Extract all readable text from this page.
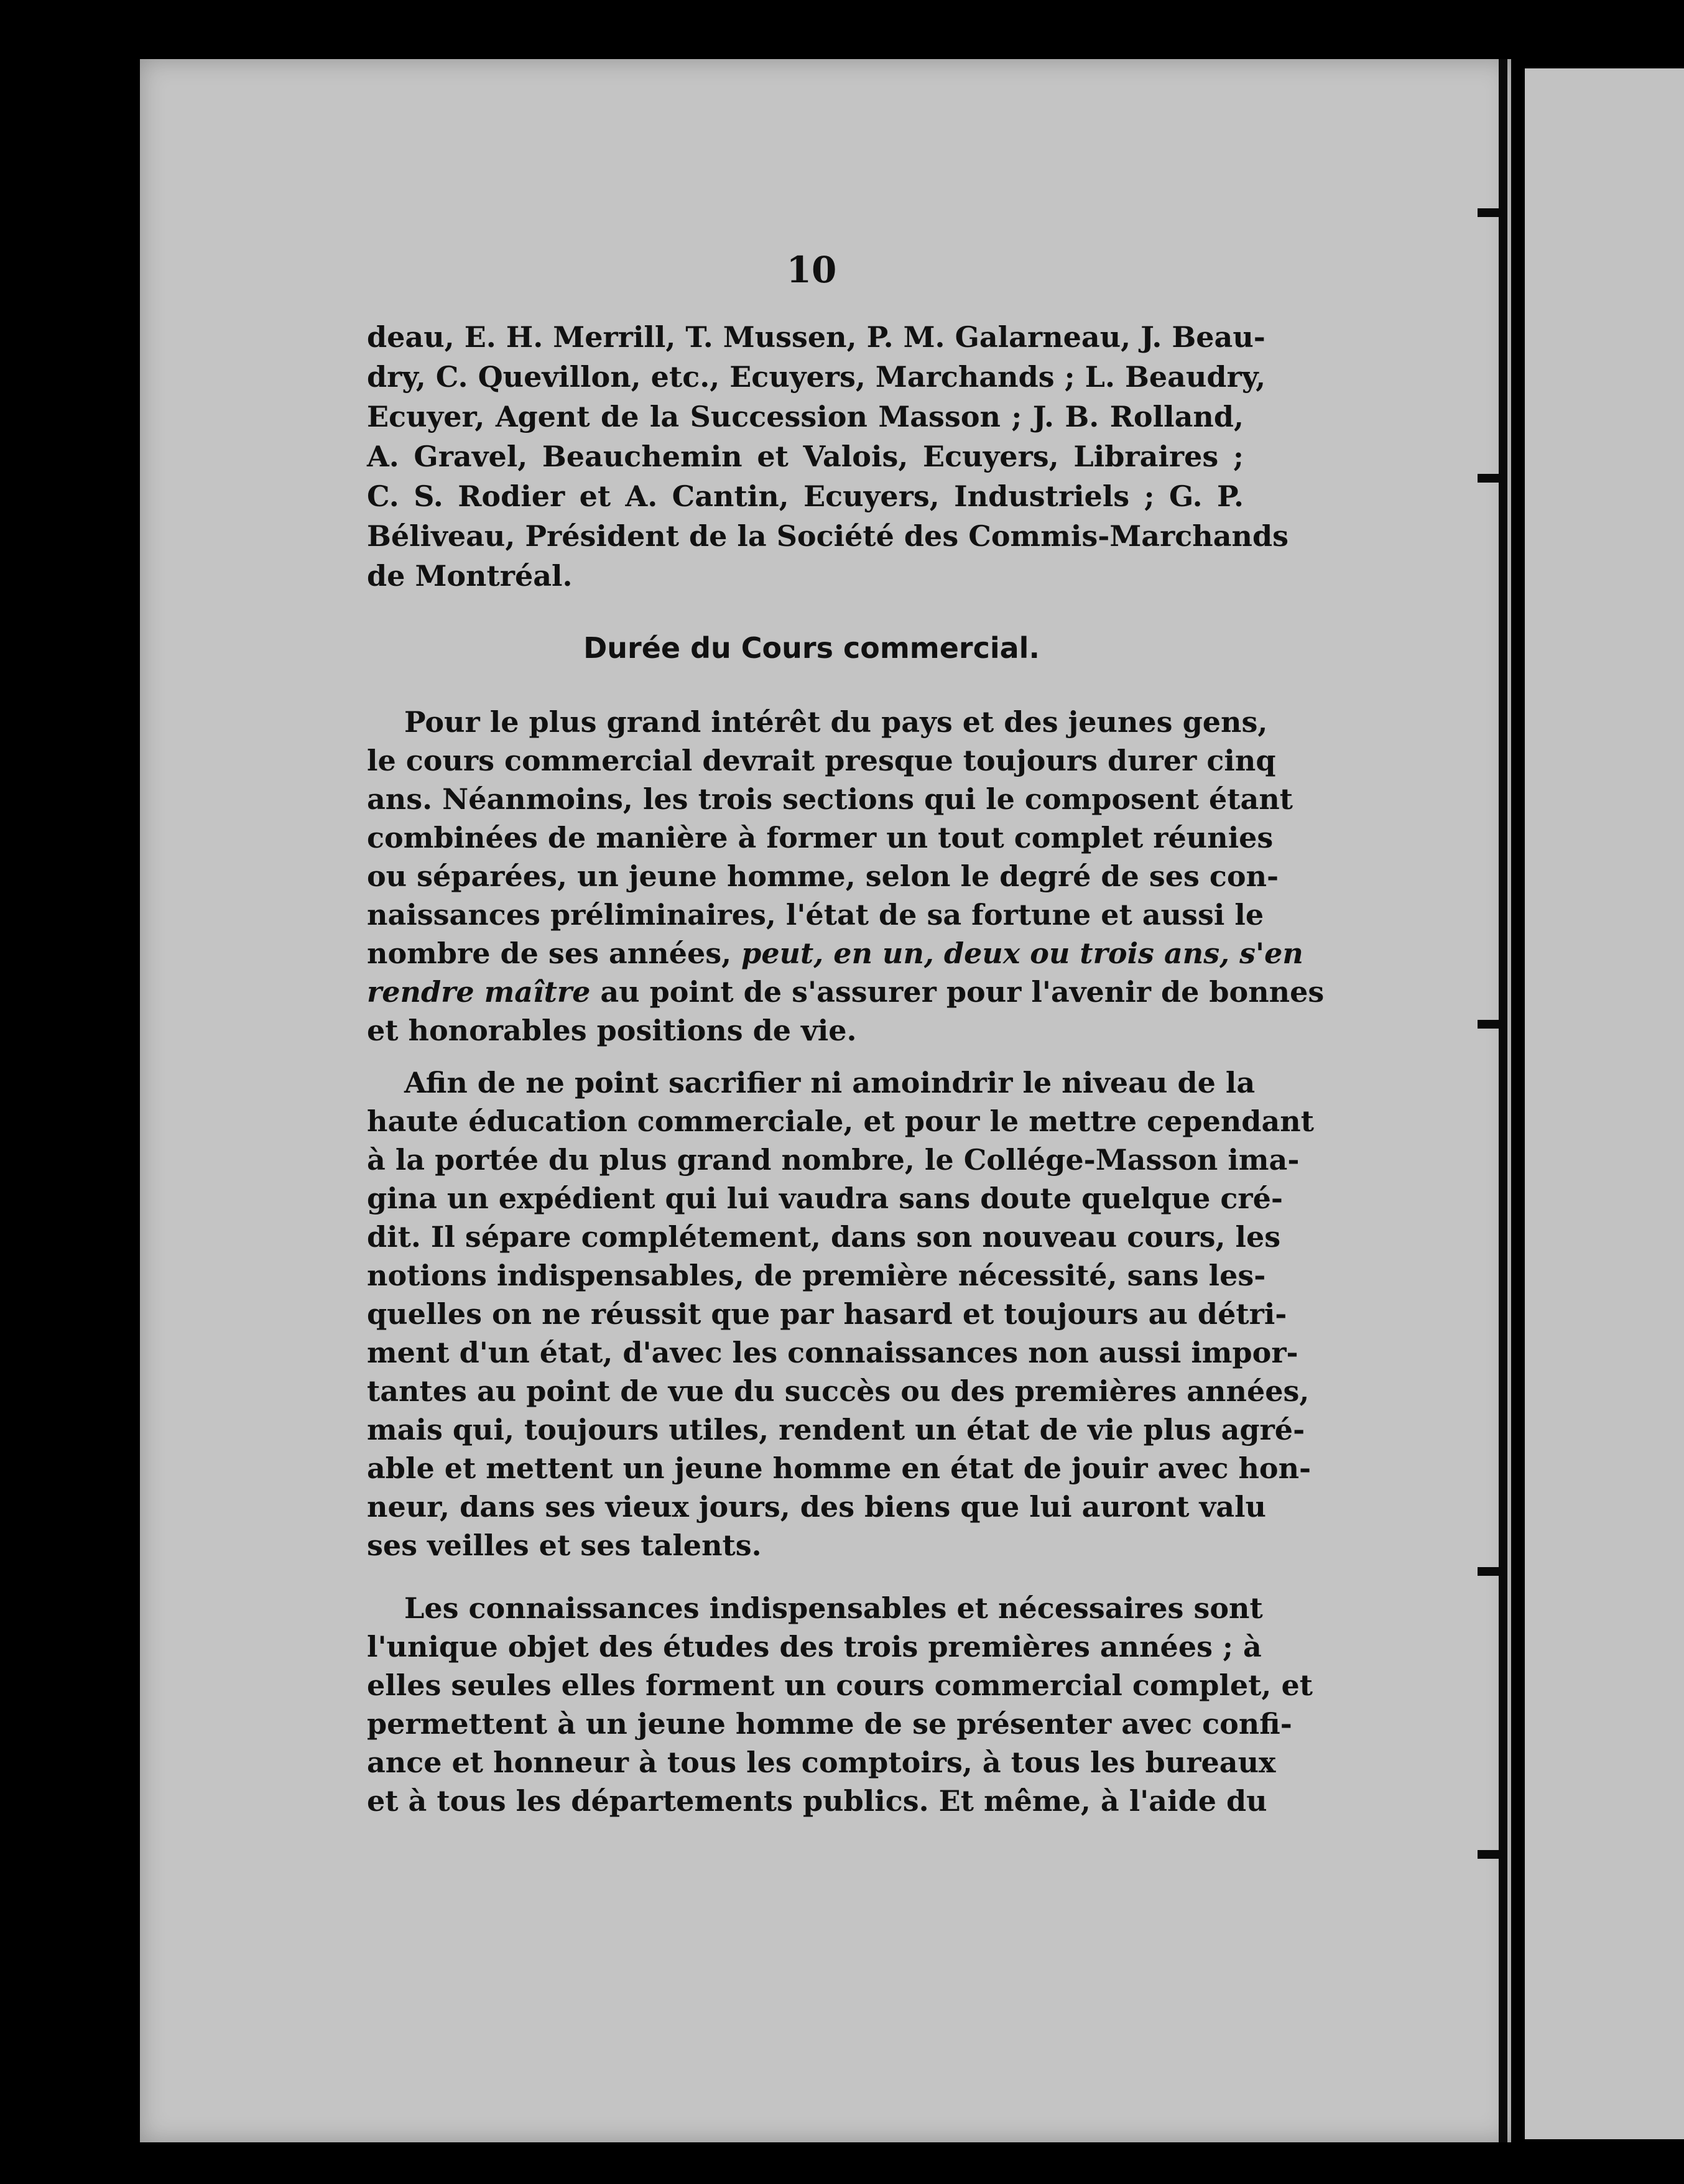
10
deau, E. H. Merrill, T. Mussen, P. M. Galarneau, J. Beau-
dry, C. Quevillon, etc., Ecuyers, Marchands ; L. Beaudry,
Ecuyer, Agent de la Succession Masson ; J. B. Rolland,
A. Gravel, Beauchemin et Valois, Ecuyers, Libraires ;
C. S. Rodier et A. Cantin, Ecuyers, Industriels ; G. P.
Béliveau, Président de la Société des Commis-Marchands
de Montréal.
Durée du Cours commercial.
Pour le plus grand intérêt du pays et des jeunes gens,
le cours commercial devrait presque toujours durer cinq
ans. Néanmoins, les trois sections qui le composent étant
combinées de manière à former un tout complet réunies
ou séparées, un jeune homme, selon le degré de ses con-
naissances préliminaires, l'état de sa fortune et aussi le
nombre de ses années, peut, en un, deux ou trois ans, s'en
rendre maître au point de s'assurer pour l'avenir de bonnes
et honorables positions de vie.
Afin de ne point sacrifier ni amoindrir le niveau de la
haute éducation commerciale, et pour le mettre cependant
à la portée du plus grand nombre, le Collége-Masson ima-
gina un expédient qui lui vaudra sans doute quelque cré-
dit. Il sépare complétement, dans son nouveau cours, les
notions indispensables, de première nécessité, sans les-
quelles on ne réussit que par hasard et toujours au détri-
ment d'un état, d'avec les connaissances non aussi impor-
tantes au point de vue du succès ou des premières années,
mais qui, toujours utiles, rendent un état de vie plus agré-
able et mettent un jeune homme en état de jouir avec hon-
neur, dans ses vieux jours, des biens que lui auront valu
ses veilles et ses talents.
Les connaissances indispensables et nécessaires sont
l'unique objet des études des trois premières années ; à
elles seules elles forment un cours commercial complet, et
permettent à un jeune homme de se présenter avec confi-
ance et honneur à tous les comptoirs, à tous les bureaux
et à tous les départements publics. Et même, à l'aide du
